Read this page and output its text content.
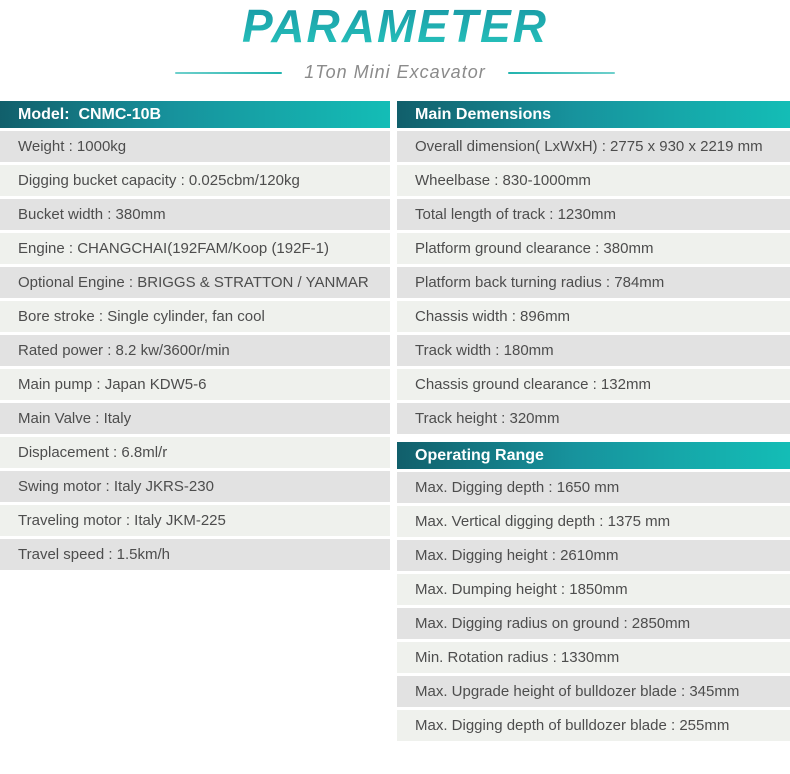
PARAMETER
1Ton Mini Excavator
Model:  CNMC-10B
Weight : 1000kg
Digging bucket capacity : 0.025cbm/120kg
Bucket width : 380mm
Engine : CHANGCHAI(192FAM/Koop (192F-1)
Optional Engine : BRIGGS & STRATTON / YANMAR
Bore stroke : Single cylinder, fan cool
Rated power : 8.2 kw/3600r/min
Main pump : Japan KDW5-6
Main Valve : Italy
Displacement : 6.8ml/r
Swing motor : Italy JKRS-230
Traveling motor : Italy JKM-225
Travel speed : 1.5km/h
Main Demensions
Overall dimension( LxWxH) : 2775 x 930 x 2219 mm
Wheelbase : 830-1000mm
Total length of track : 1230mm
Platform ground clearance : 380mm
Platform back turning radius : 784mm
Chassis width : 896mm
Track width : 180mm
Chassis ground clearance : 132mm
Track height : 320mm
Operating Range
Max. Digging depth : 1650 mm
Max. Vertical digging depth : 1375 mm
Max. Digging height : 2610mm
Max. Dumping height : 1850mm
Max. Digging radius on ground : 2850mm
Min. Rotation radius : 1330mm
Max. Upgrade height of bulldozer blade : 345mm
Max. Digging depth of bulldozer blade : 255mm
